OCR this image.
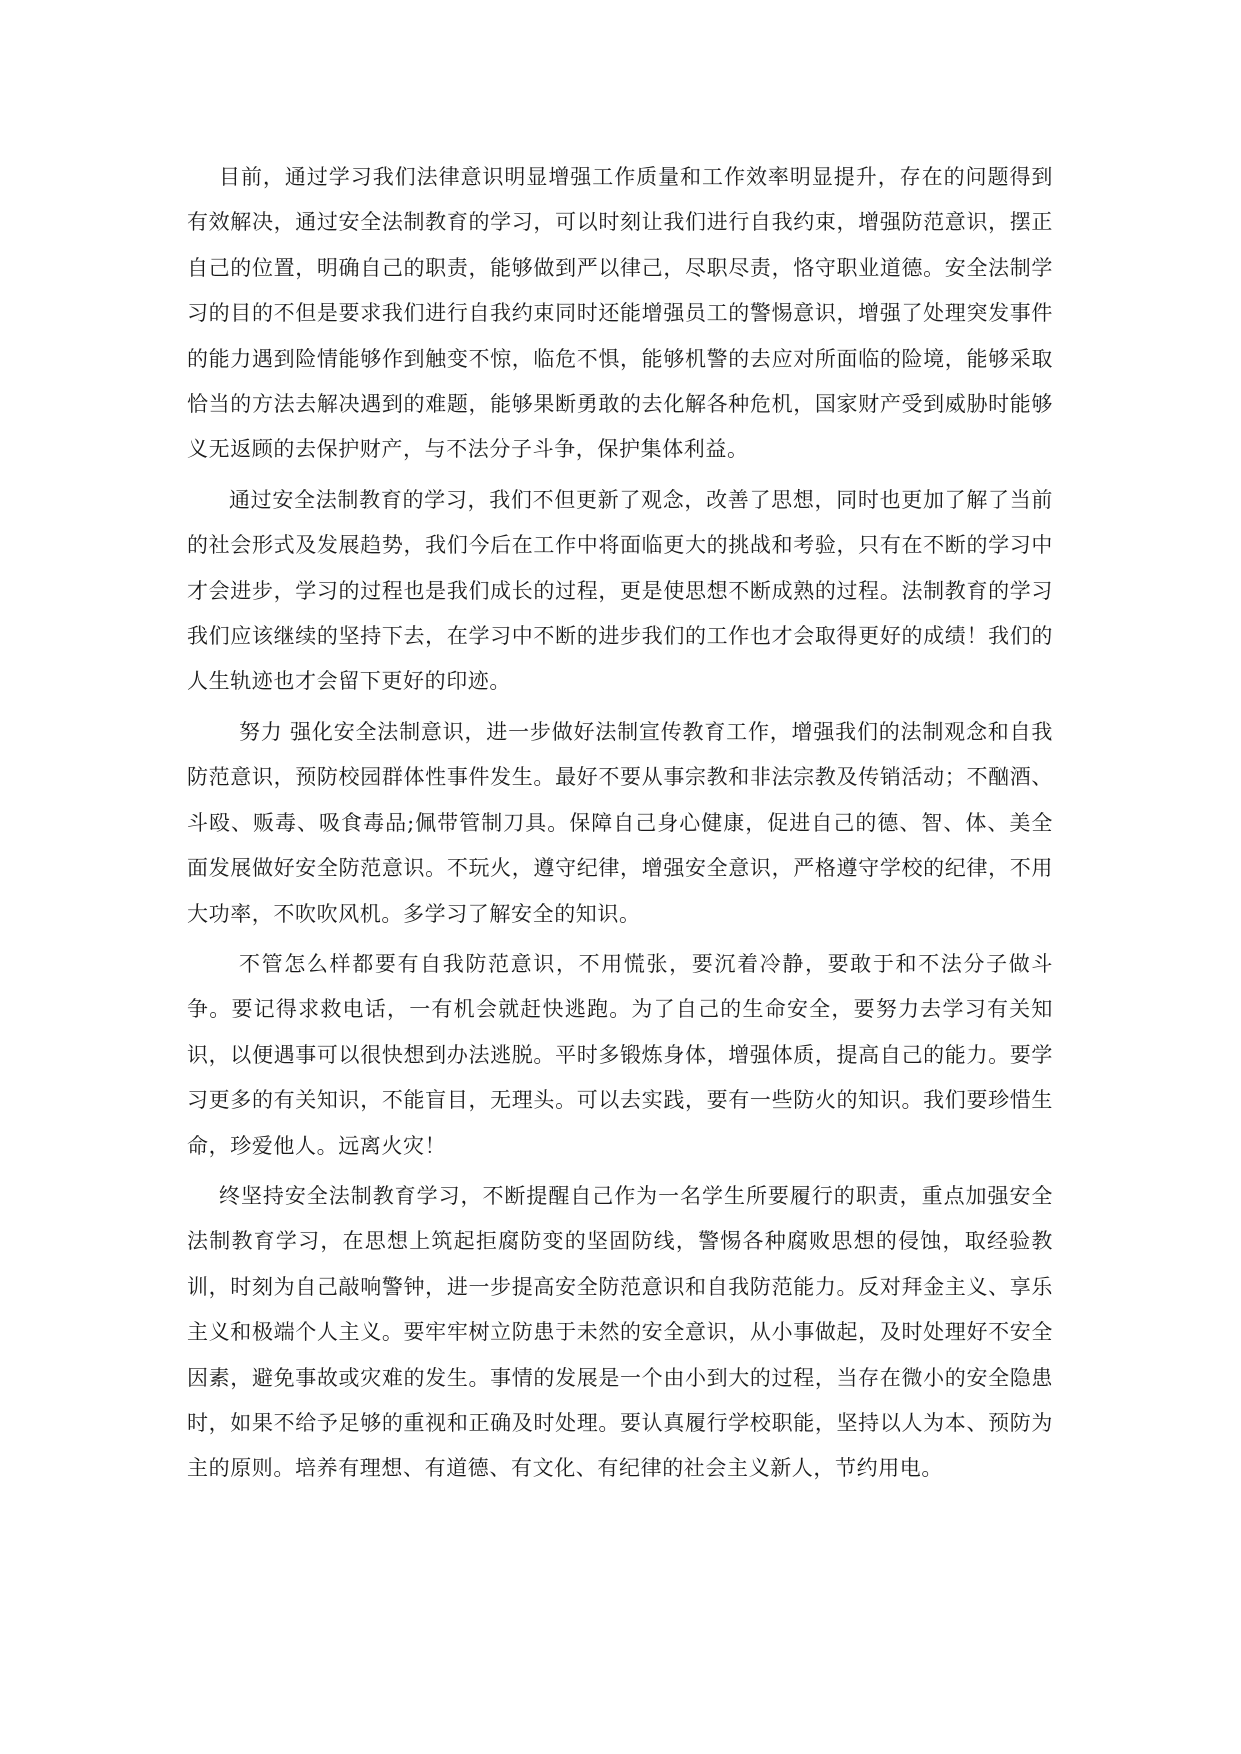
目前，通过学习我们法律意识明显增强工作质量和工作效率明显提升，存在的问题得到有效解决，通过安全法制教育的学习，可以时刻让我们进行自我约束，增强防范意识，摆正自己的位置，明确自己的职责，能够做到严以律己，尽职尽责，恪守职业道德。安全法制学习的目的不但是要求我们进行自我约束同时还能增强员工的警惕意识，增强了处理突发事件的能力遇到险情能够作到触变不惊，临危不惧，能够机警的去应对所面临的险境，能够采取恰当的方法去解决遇到的难题，能够果断勇敢的去化解各种危机，国家财产受到威胁时能够义无返顾的去保护财产，与不法分子斗争，保护集体利益。

通过安全法制教育的学习，我们不但更新了观念，改善了思想，同时也更加了解了当前的社会形式及发展趋势，我们今后在工作中将面临更大的挑战和考验，只有在不断的学习中才会进步，学习的过程也是我们成长的过程，更是使思想不断成熟的过程。法制教育的学习我们应该继续的坚持下去，在学习中不断的进步我们的工作也才会取得更好的成绩！我们的人生轨迹也才会留下更好的印迹。

努力 强化安全法制意识，进一步做好法制宣传教育工作，增强我们的法制观念和自我防范意识，预防校园群体性事件发生。最好不要从事宗教和非法宗教及传销活动；不酗酒、斗殴、贩毒、吸食毒品;佩带管制刀具。保障自己身心健康，促进自己的德、智、体、美全面发展做好安全防范意识。不玩火，遵守纪律，增强安全意识，严格遵守学校的纪律，不用大功率，不吹吹风机。多学习了解安全的知识。

不管怎么样都要有自我防范意识，不用慌张，要沉着冷静，要敢于和不法分子做斗争。要记得求救电话，一有机会就赶快逃跑。为了自己的生命安全，要努力去学习有关知识，以便遇事可以很快想到办法逃脱。平时多锻炼身体，增强体质，提高自己的能力。要学习更多的有关知识，不能盲目，无理头。可以去实践，要有一些防火的知识。我们要珍惜生命，珍爱他人。远离火灾！

终坚持安全法制教育学习，不断提醒自己作为一名学生所要履行的职责，重点加强安全法制教育学习，在思想上筑起拒腐防变的坚固防线，警惕各种腐败思想的侵蚀，取经验教训，时刻为自己敲响警钟，进一步提高安全防范意识和自我防范能力。反对拜金主义、享乐主义和极端个人主义。要牢牢树立防患于未然的安全意识，从小事做起，及时处理好不安全因素，避免事故或灾难的发生。事情的发展是一个由小到大的过程，当存在微小的安全隐患时，如果不给予足够的重视和正确及时处理。要认真履行学校职能，坚持以人为本、预防为主的原则。培养有理想、有道德、有文化、有纪律的社会主义新人，节约用电。
